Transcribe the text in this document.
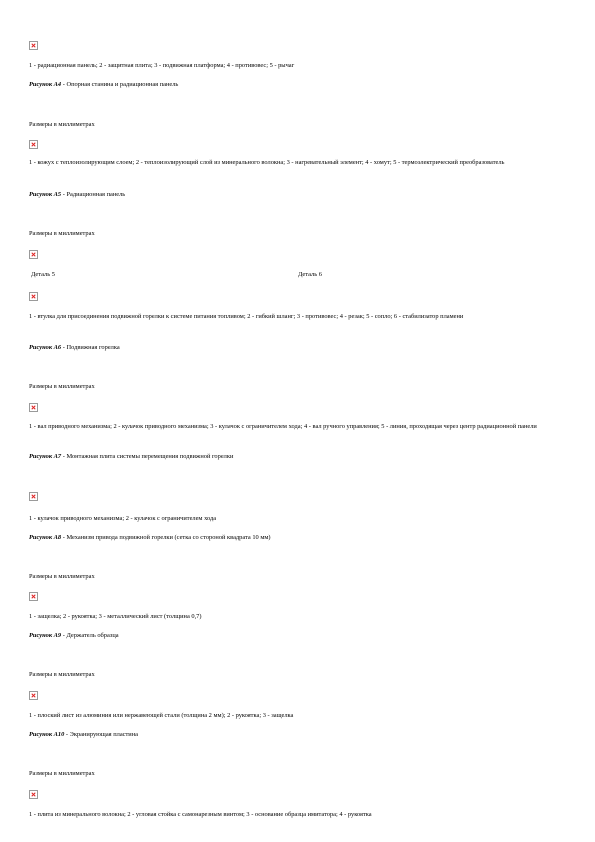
1 - радиационная панель; 2 - защитная плита; 3 - подвижная платформа; 4 - противовес; 5 - рычаг
Рисунок А4 - Опорная станина и радиационная панель
Размеры в миллиметрах
1 - кожух с теплоизолирующим слоем; 2 - теплоизолирующий слой из минерального волокна; 3 - нагревательный элемент; 4 - хомут; 5 - термоэлектрический преобразователь
Рисунок А5 - Радиационная панель
Размеры в миллиметрах
Деталь 5	Деталь 6
1 - втулка для присоединения подвижной горелки к системе питания топливом; 2 - гибкий шланг; 3 - противовес; 4 - резак; 5 - сопло; 6 - стабилизатор пламени
Рисунок А6 - Подвижная горелка
Размеры в миллиметрах
1 - вал приводного механизма; 2 - кулачок приводного механизма; 3 - кулачок с ограничителем хода; 4 - вал ручного управления; 5 - линия, проходящая через центр радиационной панели
Рисунок А7 - Монтажная плита системы перемещения подвижной горелки
1 - кулачок приводного механизма; 2 - кулачок с ограничителем хода
Рисунок А8 - Механизм привода подвижной горелки (сетка со стороной квадрата 10 мм)
Размеры в миллиметрах
1 - защелка; 2 - рукоятка; 3 - металлический лист (толщина 0,7)
Рисунок А9 - Держатель образца
Размеры в миллиметрах
1 - плоский лист из алюминия или нержавеющей стали (толщина 2 мм); 2 - рукоятка; 3 - защелка
Рисунок А10 - Экранирующая пластина
Размеры в миллиметрах
1 - плита из минерального волокна; 2 - угловая стойка с самонарезным винтом; 3 - основание образца имитатора; 4 - рукоятка
